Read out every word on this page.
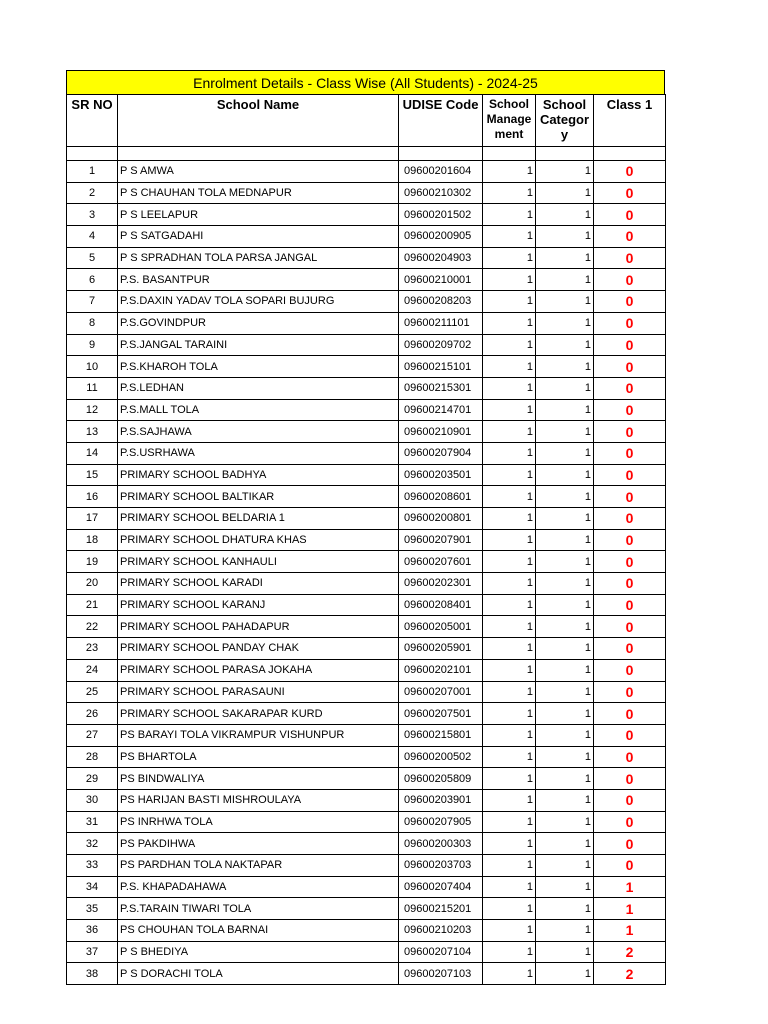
Enrolment Details - Class Wise (All Students) - 2024-25
SR NO	School Name	UDISE Code	School Manage ment	School Categor y	Class 1

1	P S AMWA	09600201604	1	1	0
2	P S CHAUHAN TOLA MEDNAPUR	09600210302	1	1	0
3	P S LEELAPUR	09600201502	1	1	0
4	P S SATGADAHI	09600200905	1	1	0
5	P S SPRADHAN TOLA PARSA JANGAL	09600204903	1	1	0
6	P.S. BASANTPUR	09600210001	1	1	0
7	P.S.DAXIN YADAV TOLA SOPARI BUJURG	09600208203	1	1	0
8	P.S.GOVINDPUR	09600211101	1	1	0
9	P.S.JANGAL TARAINI	09600209702	1	1	0
10	P.S.KHAROH TOLA	09600215101	1	1	0
11	P.S.LEDHAN	09600215301	1	1	0
12	P.S.MALL TOLA	09600214701	1	1	0
13	P.S.SAJHAWA	09600210901	1	1	0
14	P.S.USRHAWA	09600207904	1	1	0
15	PRIMARY SCHOOL BADHYA	09600203501	1	1	0
16	PRIMARY SCHOOL BALTIKAR	09600208601	1	1	0
17	PRIMARY SCHOOL BELDARIA 1	09600200801	1	1	0
18	PRIMARY SCHOOL DHATURA KHAS	09600207901	1	1	0
19	PRIMARY SCHOOL KANHAULI	09600207601	1	1	0
20	PRIMARY SCHOOL KARADI	09600202301	1	1	0
21	PRIMARY SCHOOL KARANJ	09600208401	1	1	0
22	PRIMARY SCHOOL PAHADAPUR	09600205001	1	1	0
23	PRIMARY SCHOOL PANDAY CHAK	09600205901	1	1	0
24	PRIMARY SCHOOL PARASA JOKAHA	09600202101	1	1	0
25	PRIMARY SCHOOL PARASAUNI	09600207001	1	1	0
26	PRIMARY SCHOOL SAKARAPAR KURD	09600207501	1	1	0
27	PS BARAYI TOLA VIKRAMPUR VISHUNPUR	09600215801	1	1	0
28	PS BHARTOLA	09600200502	1	1	0
29	PS BINDWALIYA	09600205809	1	1	0
30	PS HARIJAN BASTI MISHROULAYA	09600203901	1	1	0
31	PS INRHWA TOLA	09600207905	1	1	0
32	PS PAKDIHWA	09600200303	1	1	0
33	PS PARDHAN TOLA NAKTAPAR	09600203703	1	1	0
34	P.S. KHAPADAHAWA	09600207404	1	1	1
35	P.S.TARAIN TIWARI TOLA	09600215201	1	1	1
36	PS CHOUHAN TOLA BARNAI	09600210203	1	1	1
37	P S BHEDIYA	09600207104	1	1	2
38	P S DORACHI TOLA	09600207103	1	1	2
